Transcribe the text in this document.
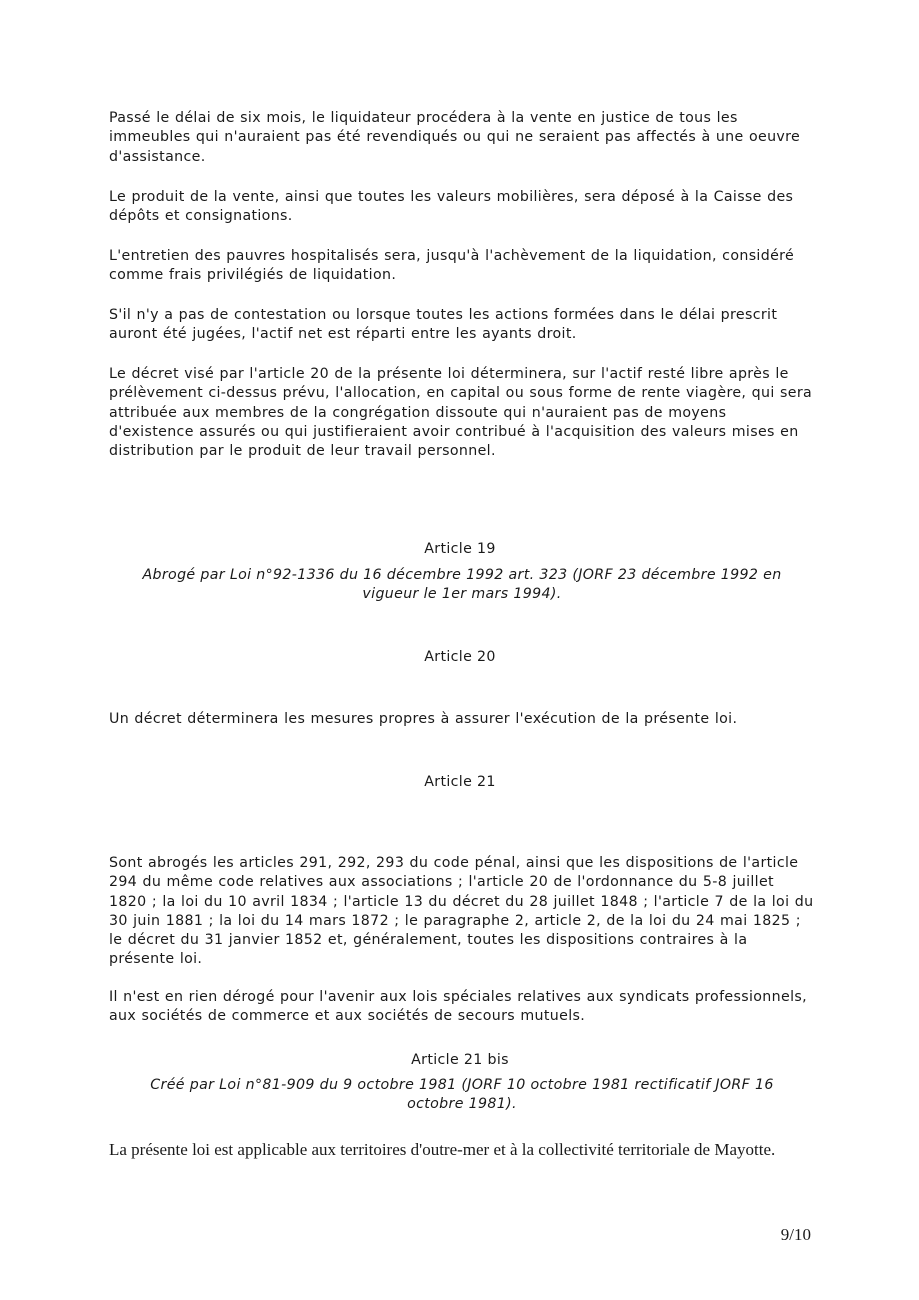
Passé le délai de six mois, le liquidateur procédera à la vente en justice de tous les immeubles qui n'auraient pas été revendiqués ou qui ne seraient pas affectés à une oeuvre d'assistance.

Le produit de la vente, ainsi que toutes les valeurs mobilières, sera déposé à la Caisse des dépôts et consignations.

L'entretien des pauvres hospitalisés sera, jusqu'à l'achèvement de la liquidation, considéré comme frais privilégiés de liquidation.

S'il n'y a pas de contestation ou lorsque toutes les actions formées dans le délai prescrit auront été jugées, l'actif net est réparti entre les ayants droit.

Le décret visé par l'article 20 de la présente loi déterminera, sur l'actif resté libre après le prélèvement ci-dessus prévu, l'allocation, en capital ou sous forme de rente viagère, qui sera attribuée aux membres de la congrégation dissoute qui n'auraient pas de moyens d'existence assurés ou qui justifieraient avoir contribué à l'acquisition des valeurs mises en distribution par le produit de leur travail personnel.

Article 19

Abrogé par Loi n°92-1336 du 16 décembre 1992 art. 323 (JORF 23 décembre 1992 en vigueur le 1er mars 1994).

Article 20

Un décret déterminera les mesures propres à assurer l'exécution de la présente loi.

Article 21

Sont abrogés les articles 291, 292, 293 du code pénal, ainsi que les dispositions de l'article 294 du même code relatives aux associations ; l'article 20 de l'ordonnance du 5-8 juillet 1820 ; la loi du 10 avril 1834 ; l'article 13 du décret du 28 juillet 1848 ; l'article 7 de la loi du 30 juin 1881 ; la loi du 14 mars 1872 ; le paragraphe 2, article 2, de la loi du 24 mai 1825 ; le décret du 31 janvier 1852 et, généralement, toutes les dispositions contraires à la présente loi.

Il n'est en rien dérogé pour l'avenir aux lois spéciales relatives aux syndicats professionnels, aux sociétés de commerce et aux sociétés de secours mutuels.

Article 21 bis

Créé par Loi n°81-909 du 9 octobre 1981 (JORF 10 octobre 1981 rectificatif JORF 16 octobre 1981).

La présente loi est applicable aux territoires d'outre-mer et à la collectivité territoriale de Mayotte.

9/10
